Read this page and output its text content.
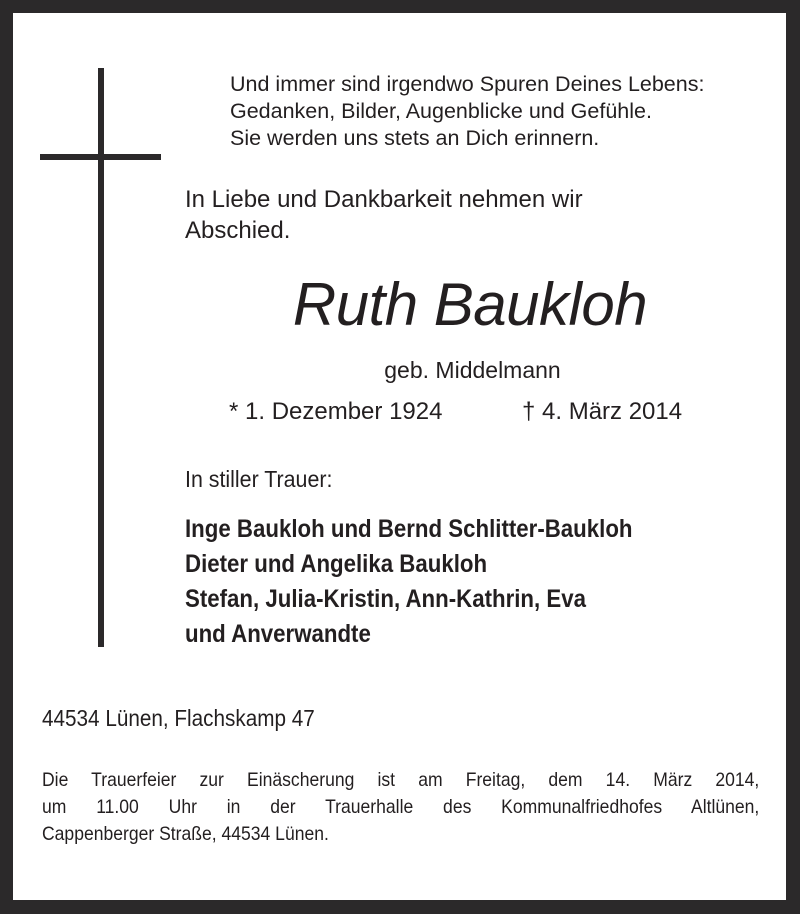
Und immer sind irgendwo Spuren Deines Lebens:
Gedanken, Bilder, Augenblicke und Gefühle.
Sie werden uns stets an Dich erinnern.
In Liebe und Dankbarkeit nehmen wir
Abschied.
Ruth Baukloh
geb. Middelmann
* 1. Dezember 1924	† 4. März 2014
In stiller Trauer:
Inge Baukloh und Bernd Schlitter-Baukloh
Dieter und Angelika Baukloh
Stefan, Julia-Kristin, Ann-Kathrin, Eva
und Anverwandte
44534 Lünen, Flachskamp 47
Die Trauerfeier zur Einäscherung ist am Freitag, dem 14. März 2014,
um 11.00 Uhr in der Trauerhalle des Kommunalfriedhofes Altlünen,
Cappenberger Straße, 44534 Lünen.
